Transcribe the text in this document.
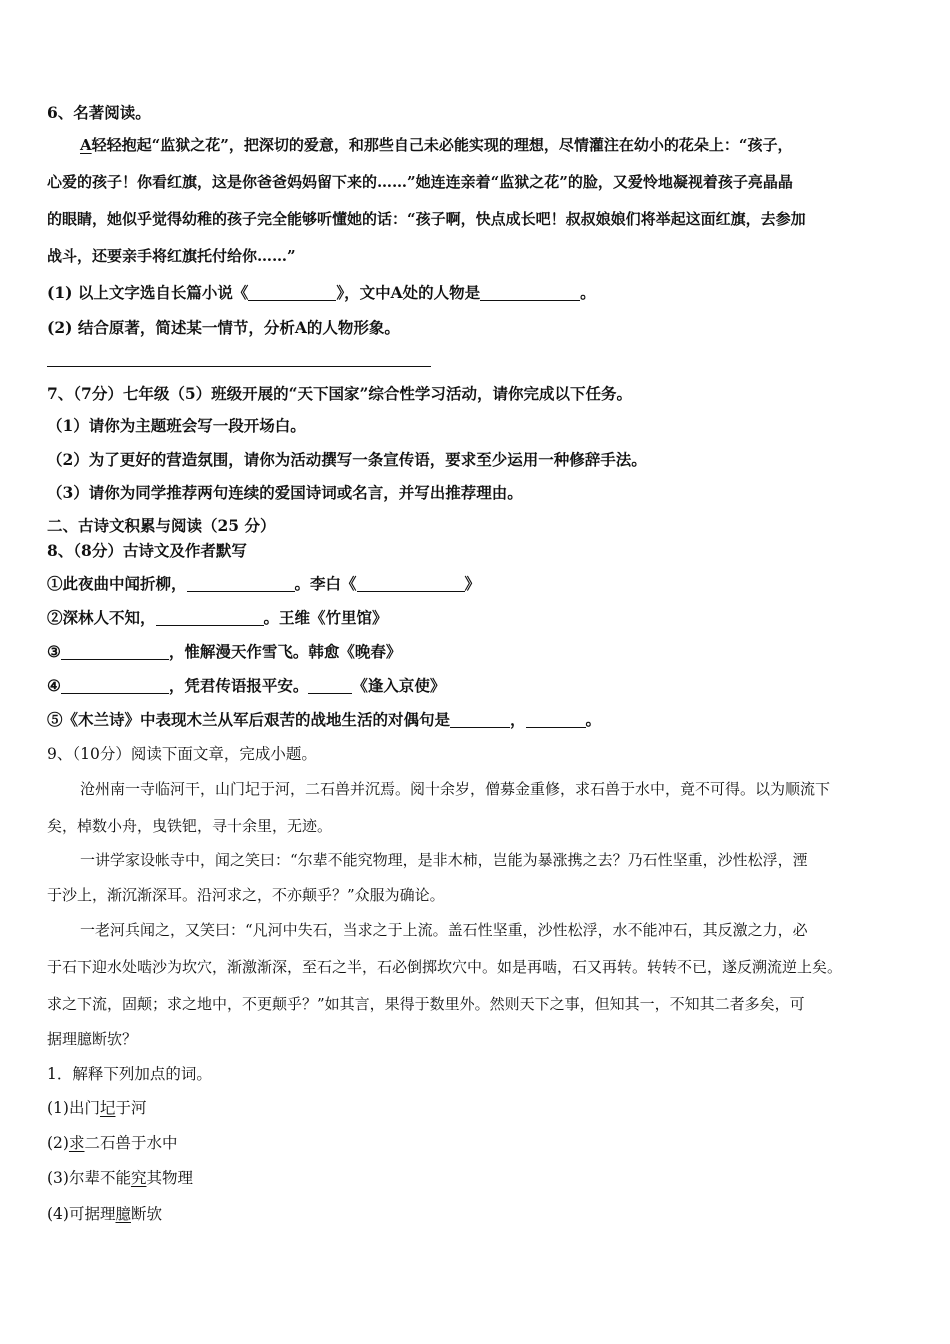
6、名著阅读。
A轻轻抱起“监狱之花”，把深切的爱意，和那些自己未必能实现的理想，尽情灌注在幼小的花朵上：“孩子，
心爱的孩子！你看红旗，这是你爸爸妈妈留下来的……”她连连亲着“监狱之花”的脸，又爱怜地凝视着孩子亮晶晶
的眼睛，她似乎觉得幼稚的孩子完全能够听懂她的话：“孩子啊，快点成长吧！叔叔娘娘们将举起这面红旗，去参加
战斗，还要亲手将红旗托付给你……”
(1) 以上文字选自长篇小说《	》，文中A处的人物是	。
(2) 结合原著，简述某一情节，分析A的人物形象。
7、（7分）七年级（5）班级开展的“天下国家”综合性学习活动，请你完成以下任务。
（1）请你为主题班会写一段开场白。
（2）为了更好的营造氛围，请你为活动撰写一条宣传语，要求至少运用一种修辞手法。
（3）请你为同学推荐两句连续的爱国诗词或名言，并写出推荐理由。
二、古诗文积累与阅读（25 分）
8、（8分）古诗文及作者默写
①此夜曲中闻折柳，	。李白《	》
②深林人不知，	。王维《竹里馆》
③	，惟解漫天作雪飞。韩愈《晚春》
④	，凭君传语报平安。	《逢入京使》
⑤《木兰诗》中表现木兰从军后艰苦的战地生活的对偶句是	，	。
9、（10分）阅读下面文章，完成小题。
沧州南一寺临河干，山门圮于河，二石兽并沉焉。阅十余岁，僧募金重修，求石兽于水中，竟不可得。以为顺流下
矣，棹数小舟，曳铁钯，寻十余里，无迹。
一讲学家设帐寺中，闻之笑曰：“尔辈不能究物理，是非木柿，岂能为暴涨携之去？乃石性坚重，沙性松浮，湮
于沙上，渐沉渐深耳。沿河求之，不亦颠乎？”众服为确论。
一老河兵闻之，又笑曰：“凡河中失石，当求之于上流。盖石性坚重，沙性松浮，水不能冲石，其反激之力，必
于石下迎水处啮沙为坎穴，渐激渐深，至石之半，石必倒掷坎穴中。如是再啮，石又再转。转转不已，遂反溯流逆上矣。
求之下流，固颠；求之地中，不更颠乎？”如其言，果得于数里外。然则天下之事，但知其一，不知其二者多矣，可
据理臆断欤？
1．解释下列加点的词。
(1)出门圮于河
(2)求二石兽于水中
(3)尔辈不能究其物理
(4)可据理臆断欤
